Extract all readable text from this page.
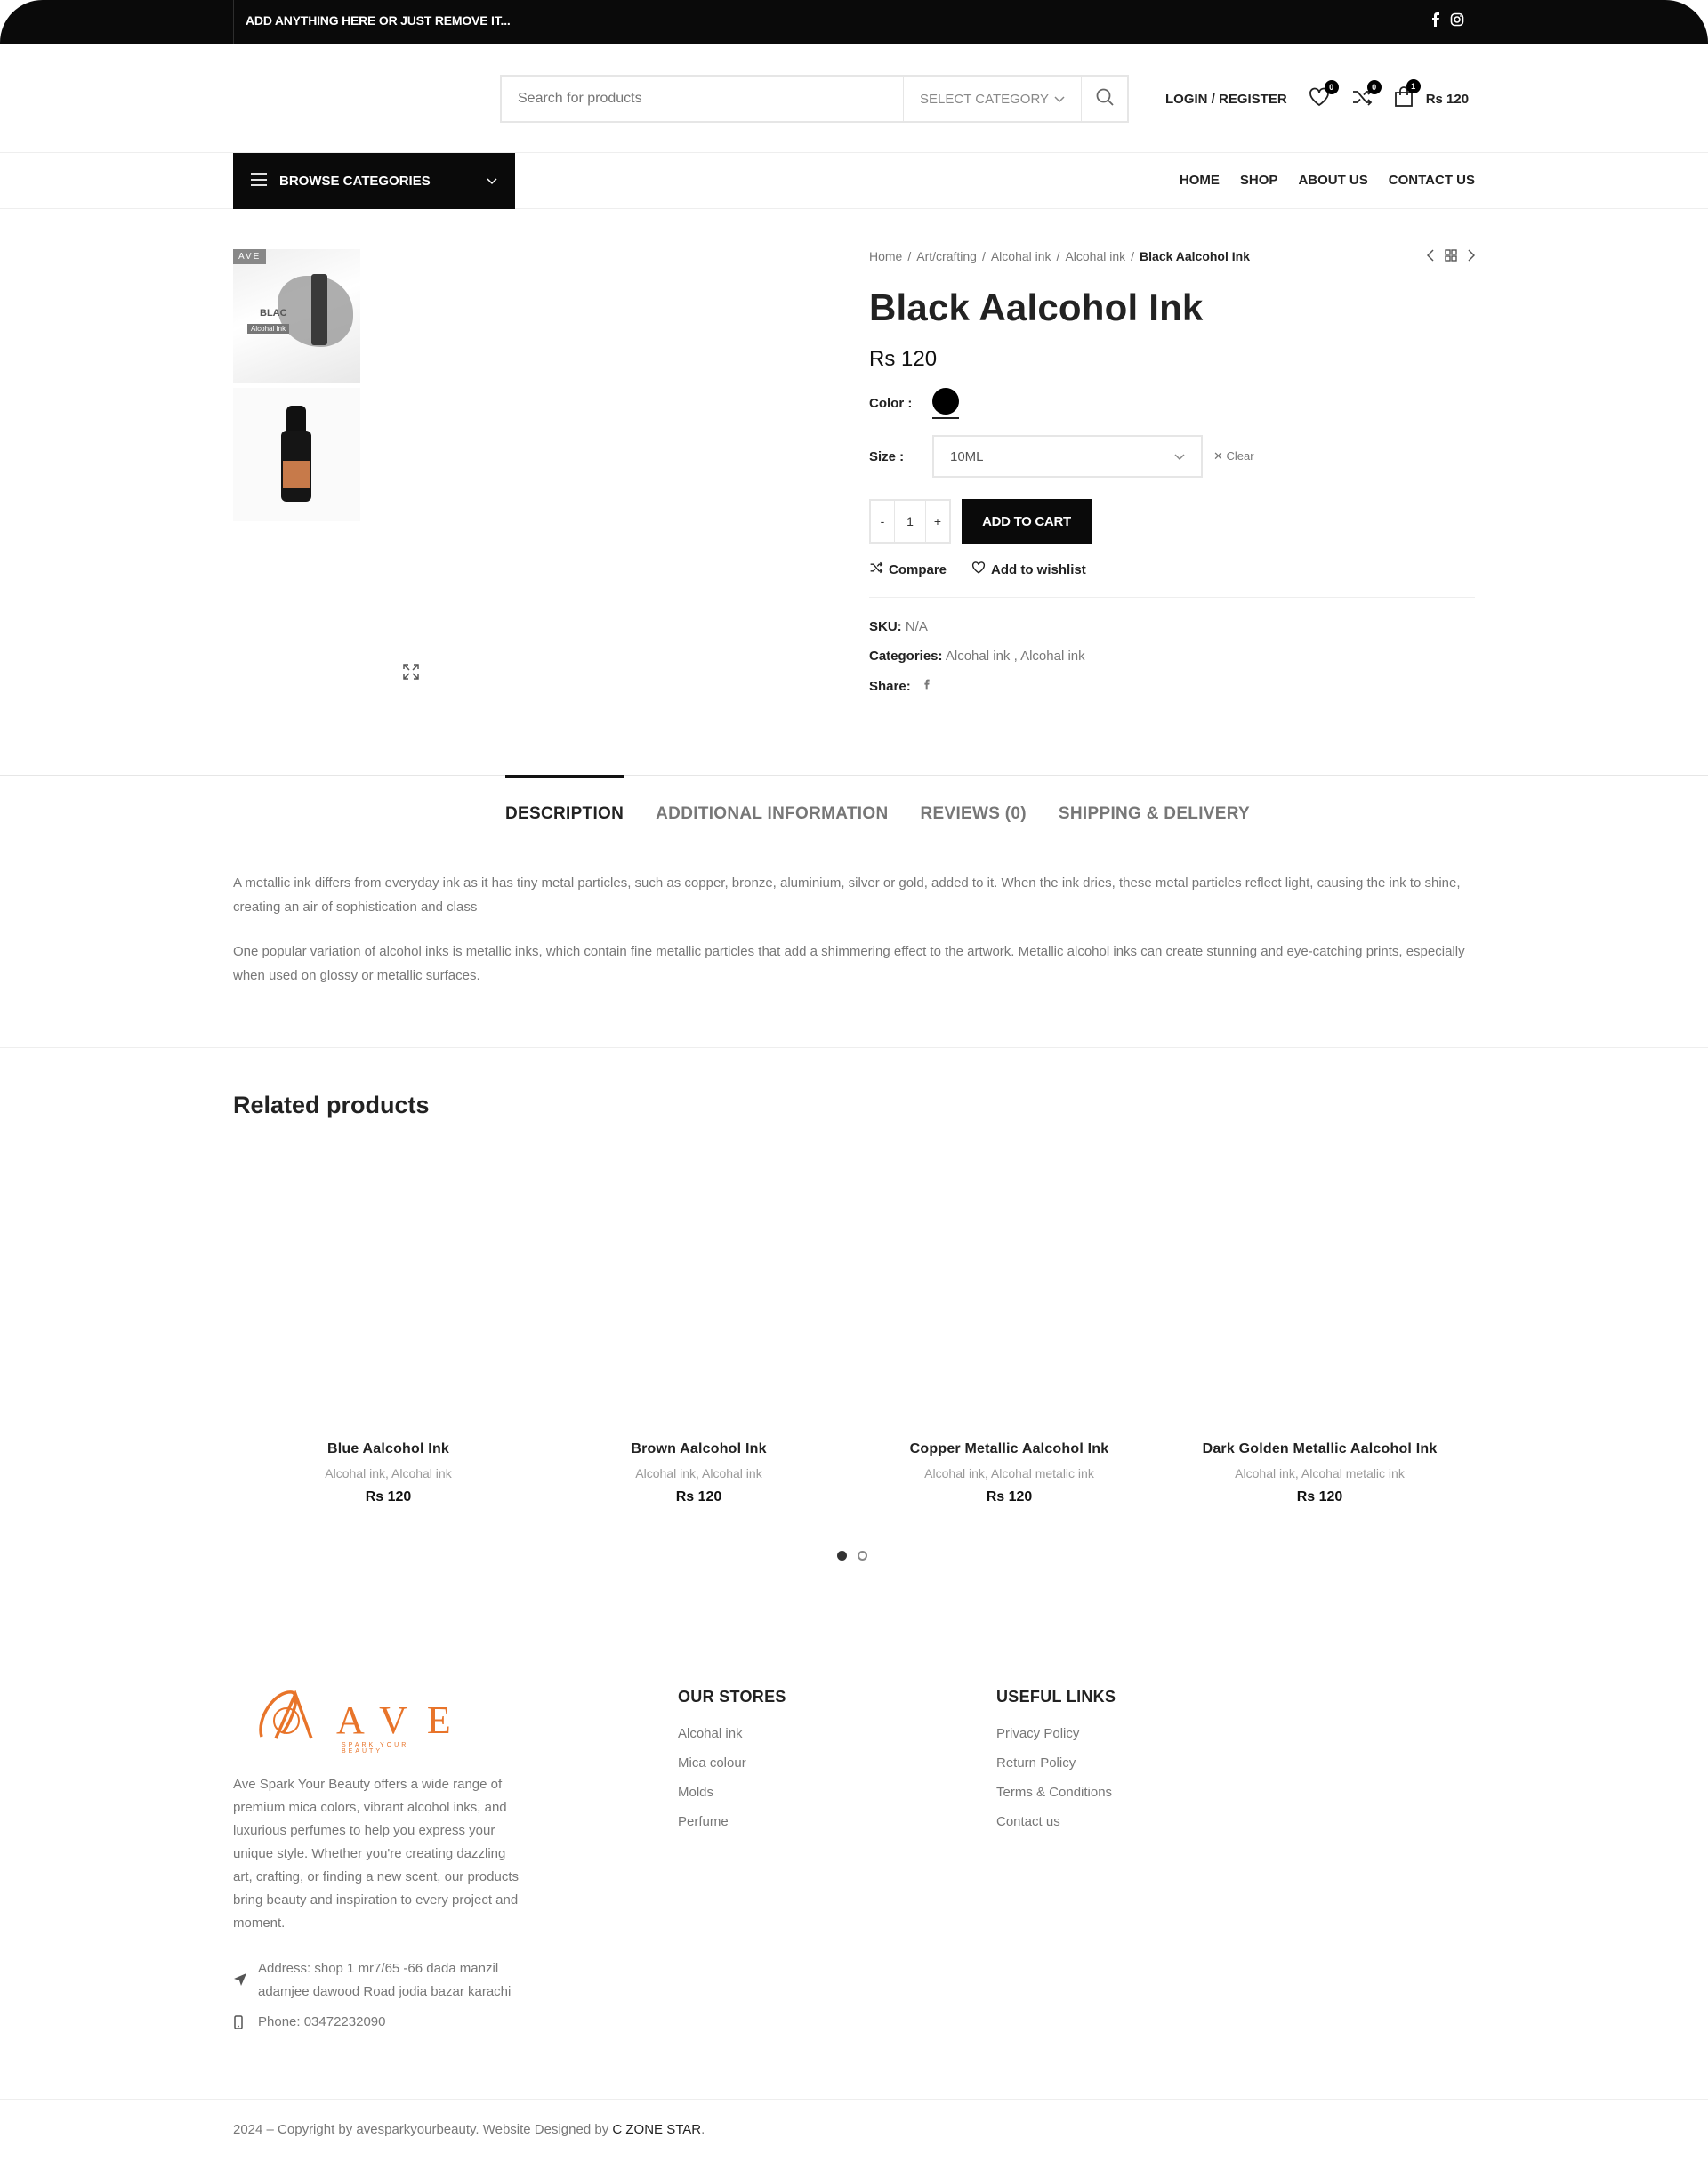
ADD ANYTHING HERE OR JUST REMOVE IT...
Search for products
SELECT CATEGORY	LOGIN / REGISTER
0	0	1
Rs 120
BROWSE CATEGORIES	HOME SHOP ABOUT US CONTACT US
AVE
BLAC
Alcohal Ink
Home / Art/crafting / Alcohal ink / Alcohal ink / Black Aalcohol Ink
Black Aalcohol Ink
Rs 120
Color :
Size :	10ML	✕ Clear
-	1	+	ADD TO CART
Compare	Add to wishlist
SKU: N/A
Categories: Alcohal ink , Alcohal ink
Share:
DESCRIPTION ADDITIONAL INFORMATION REVIEWS (0) SHIPPING & DELIVERY

A metallic ink differs from everyday ink as it has tiny metal particles, such as copper, bronze, aluminium, silver or gold, added to it. When the ink dries, these metal particles reflect light, causing the ink to shine, creating an air of sophistication and class

One popular variation of alcohol inks is metallic inks, which contain fine metallic particles that add a shimmering effect to the artwork. Metallic alcohol inks can create stunning and eye-catching prints, especially when used on glossy or metallic surfaces.

Related products
Blue Aalcohol Ink
Alcohal ink, Alcohal ink
Rs 120
Brown Aalcohol Ink
Alcohal ink, Alcohal ink
Rs 120
Copper Metallic Aalcohol Ink
Alcohal ink, Alcohal metalic ink
Rs 120
Dark Golden Metallic Aalcohol Ink
Alcohal ink, Alcohal metalic ink
Rs 120
AVE
SPARK YOUR BEAUTY

Ave Spark Your Beauty offers a wide range of premium mica colors, vibrant alcohol inks, and luxurious perfumes to help you express your unique style. Whether you're creating dazzling art, crafting, or finding a new scent, our products bring beauty and inspiration to every project and moment.

Address: shop 1 mr7/65 -66 dada manzil adamjee dawood Road jodia bazar karachi
Phone: 03472232090
OUR STORES
Alcohal ink
Mica colour
Molds
Perfume
USEFUL LINKS
Privacy Policy
Return Policy
Terms & Conditions
Contact us
2024 – Copyright by avesparkyourbeauty. Website Designed by C ZONE STAR.
